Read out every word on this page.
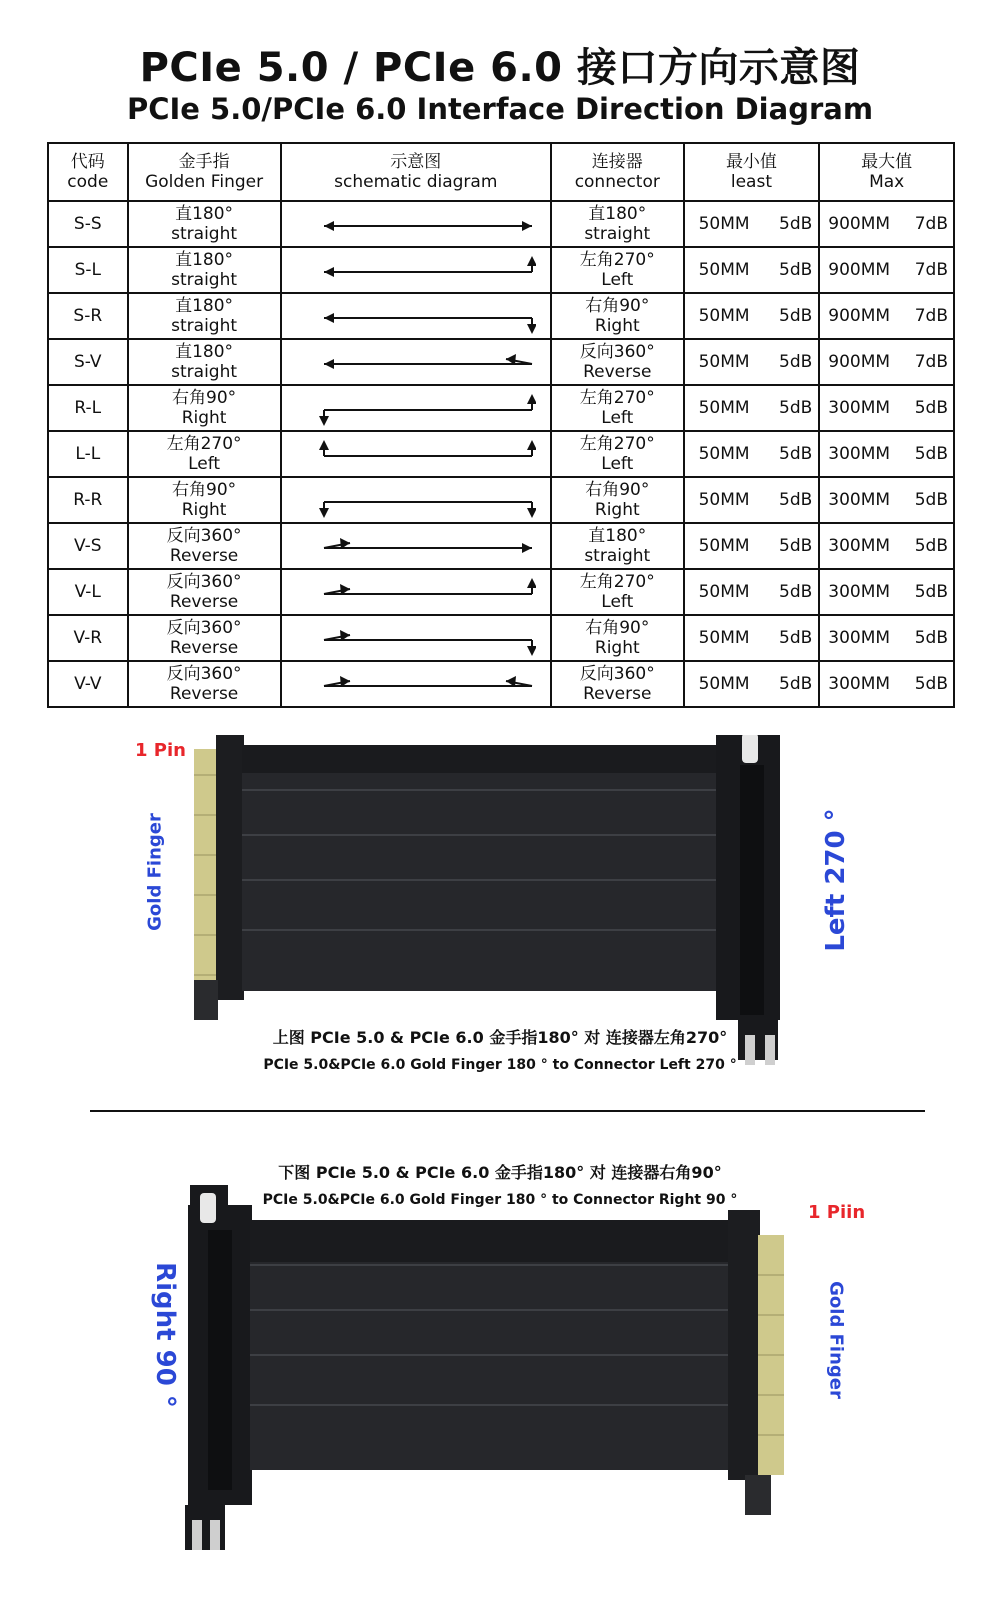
PCIe 5.0 / PCIe 6.0 接口方向示意图
PCIe 5.0/PCIe 6.0 Interface Direction Diagram
代码
code	金手指
Golden Finger	示意图
schematic diagram	连接器
connector	最小值
least	最大值
Max

S-S	直180°
straight		直180°
straight	50MM 5dB	900MM 7dB

S-L	直180°
straight		左角270°
Left	50MM 5dB	900MM 7dB

S-R	直180°
straight		右角90°
Right	50MM 5dB	900MM 7dB

S-V	直180°
straight		反向360°
Reverse	50MM 5dB	900MM 7dB

R-L	右角90°
Right		左角270°
Left	50MM 5dB	300MM 5dB

L-L	左角270°
Left		左角270°
Left	50MM 5dB	300MM 5dB

R-R	右角90°
Right		右角90°
Right	50MM 5dB	300MM 5dB

V-S	反向360°
Reverse		直180°
straight	50MM 5dB	300MM 5dB

V-L	反向360°
Reverse		左角270°
Left	50MM 5dB	300MM 5dB

V-R	反向360°
Reverse		右角90°
Right	50MM 5dB	300MM 5dB

V-V	反向360°
Reverse		反向360°
Reverse	50MM 5dB	300MM 5dB
1 Pin
Gold Finger	Left 270 °
上图 PCIe 5.0 & PCIe 6.0 金手指180° 对 连接器左角270°
PCIe 5.0&PCIe 6.0 Gold Finger 180 ° to Connector Left 270 °
下图 PCIe 5.0 & PCIe 6.0 金手指180° 对 连接器右角90°
PCIe 5.0&PCIe 6.0 Gold Finger 180 ° to Connector Right 90 °
1 Piin
Gold Finger
Right 90 °
